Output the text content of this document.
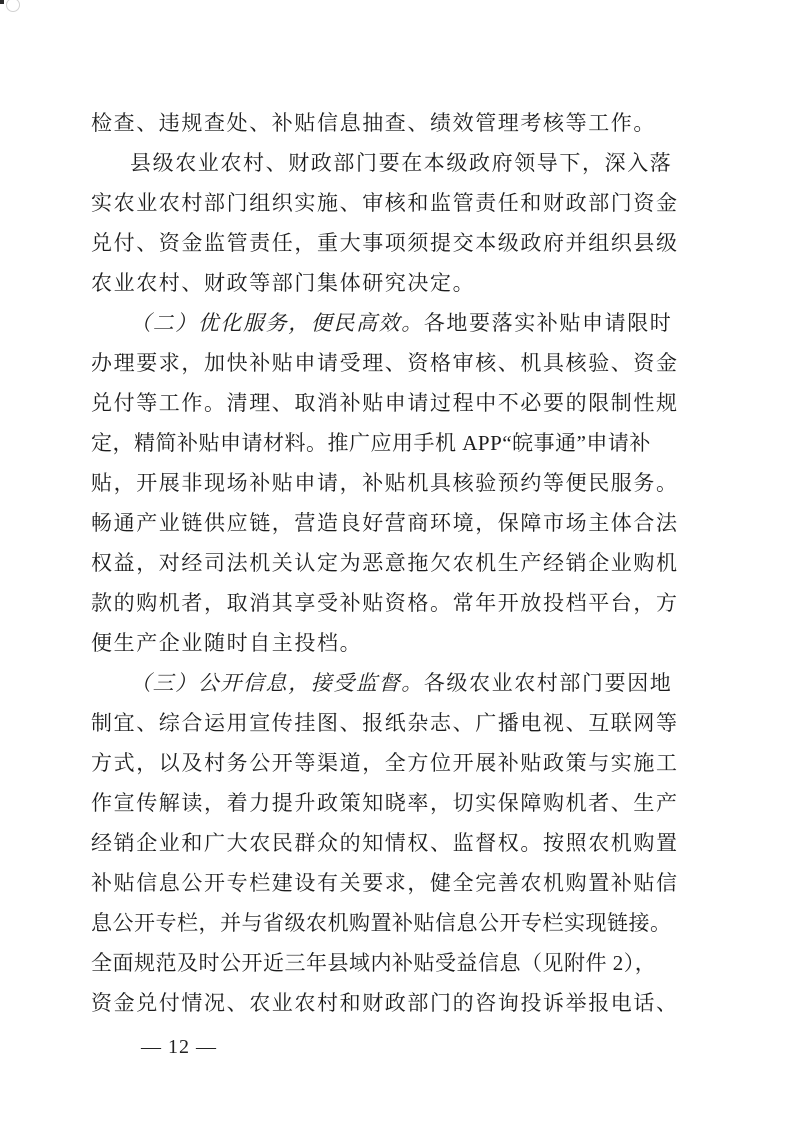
检查、违规查处、补贴信息抽查、绩效管理考核等工作。
县级农业农村、财政部门要在本级政府领导下，深入落
实农业农村部门组织实施、审核和监管责任和财政部门资金
兑付、资金监管责任，重大事项须提交本级政府并组织县级
农业农村、财政等部门集体研究决定。
（二）优化服务，便民高效。各地要落实补贴申请限时
办理要求，加快补贴申请受理、资格审核、机具核验、资金
兑付等工作。清理、取消补贴申请过程中不必要的限制性规
定，精简补贴申请材料。推广应用手机 APP“皖事通”申请补
贴，开展非现场补贴申请，补贴机具核验预约等便民服务。
畅通产业链供应链，营造良好营商环境，保障市场主体合法
权益，对经司法机关认定为恶意拖欠农机生产经销企业购机
款的购机者，取消其享受补贴资格。常年开放投档平台，方
便生产企业随时自主投档。
（三）公开信息，接受监督。各级农业农村部门要因地
制宜、综合运用宣传挂图、报纸杂志、广播电视、互联网等
方式，以及村务公开等渠道，全方位开展补贴政策与实施工
作宣传解读，着力提升政策知晓率，切实保障购机者、生产
经销企业和广大农民群众的知情权、监督权。按照农机购置
补贴信息公开专栏建设有关要求，健全完善农机购置补贴信
息公开专栏，并与省级农机购置补贴信息公开专栏实现链接。
全面规范及时公开近三年县域内补贴受益信息（见附件 2），
资金兑付情况、农业农村和财政部门的咨询投诉举报电话、
— 12 —
